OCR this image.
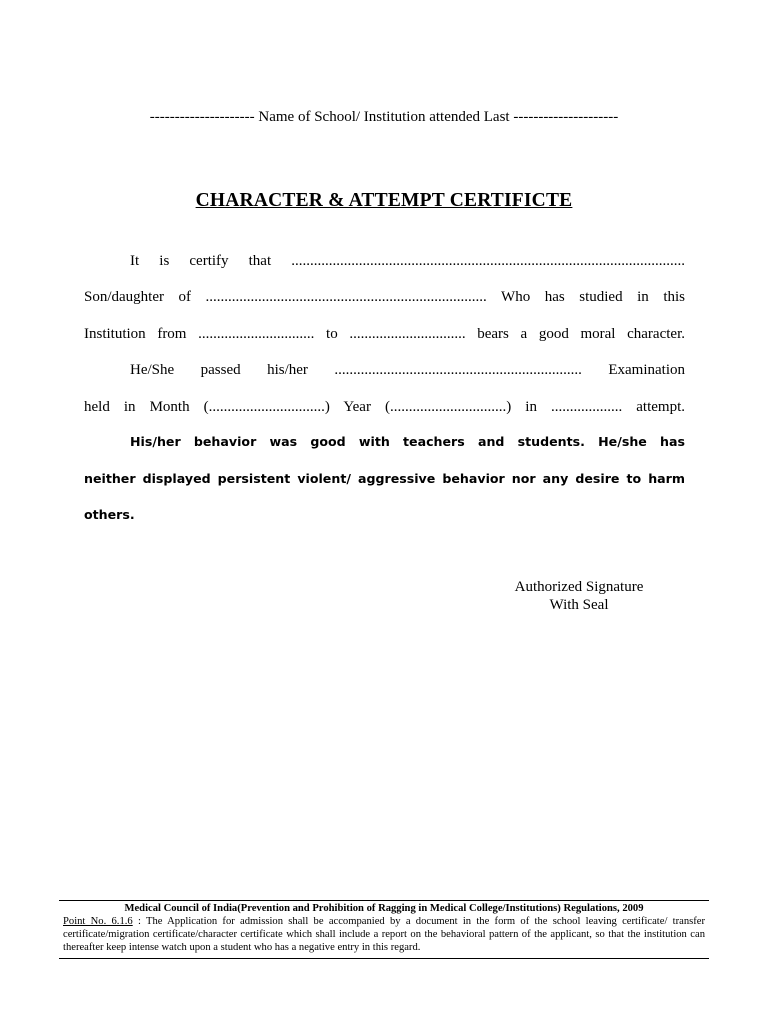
--------------------- Name of School/ Institution attended Last ---------------------
CHARACTER & ATTEMPT CERTIFICTE
It is certify that .........................................................................................................
Son/daughter of ........................................................................... Who has studied in this
Institution from ............................... to ............................... bears a good moral character.
He/She passed his/her .................................................................. Examination
held in Month (...............................) Year (...............................) in ................... attempt.
His/her behavior was good with teachers and students. He/she has
neither displayed persistent violent/ aggressive behavior nor any desire to harm
others.
Authorized Signature
With Seal
Medical Council of India(Prevention and Prohibition of Ragging in Medical College/Institutions) Regulations, 2009
Point No. 6.1.6 : The Application for admission shall be accompanied by a document in the form of the school leaving certificate/ transfer certificate/migration certificate/character certificate which shall include a report on the behavioral pattern of the applicant, so that the institution can thereafter keep intense watch upon a student who has a negative entry in this regard.
